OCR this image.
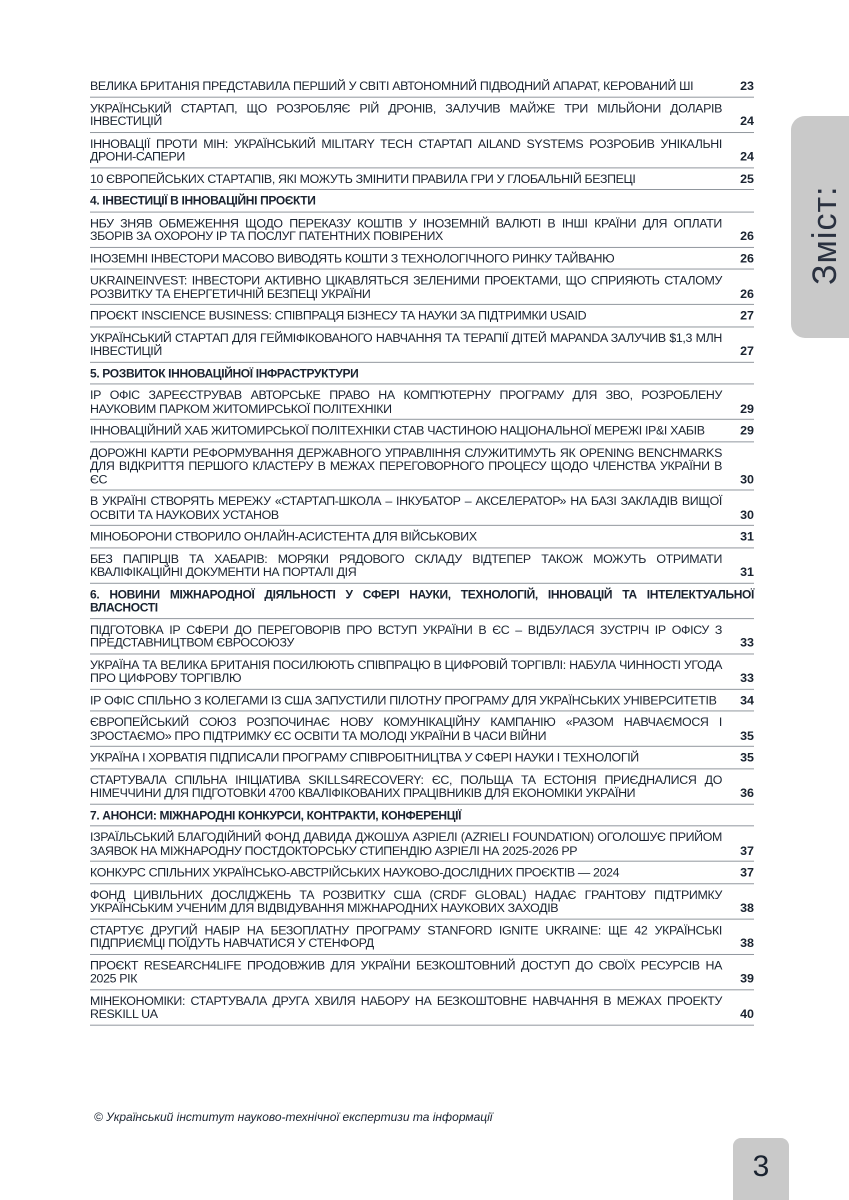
Зміст:
ВЕЛИКА БРИТАНІЯ ПРЕДСТАВИЛА ПЕРШИЙ У СВІТІ АВТОНОМНИЙ ПІДВОДНИЙ АПАРАТ, КЕРОВАНИЙ ШІ	23
УКРАЇНСЬКИЙ СТАРТАП, ЩО РОЗРОБЛЯЄ РІЙ ДРОНІВ, ЗАЛУЧИВ МАЙЖЕ ТРИ МІЛЬЙОНИ ДОЛАРІВ ІНВЕСТИЦІЙ	24
ІННОВАЦІЇ ПРОТИ МІН: УКРАЇНСЬКИЙ MILITARY TECH СТАРТАП AILAND SYSTEMS РОЗРОБИВ УНІКАЛЬНІ ДРОНИ-САПЕРИ	24
10 ЄВРОПЕЙСЬКИХ СТАРТАПІВ, ЯКІ МОЖУТЬ ЗМІНИТИ ПРАВИЛА ГРИ У ГЛОБАЛЬНІЙ БЕЗПЕЦІ	25
4. ІНВЕСТИЦІЇ В ІННОВАЦІЙНІ ПРОЄКТИ
НБУ ЗНЯВ ОБМЕЖЕННЯ ЩОДО ПЕРЕКАЗУ КОШТІВ У ІНОЗЕМНІЙ ВАЛЮТІ В ІНШІ КРАЇНИ ДЛЯ ОПЛАТИ ЗБОРІВ ЗА ОХОРОНУ ІР ТА ПОСЛУГ ПАТЕНТНИХ ПОВІРЕНИХ	26
ІНОЗЕМНІ ІНВЕСТОРИ МАСОВО ВИВОДЯТЬ КОШТИ З ТЕХНОЛОГІЧНОГО РИНКУ ТАЙВАНЮ	26
UKRAINEINVEST: ІНВЕСТОРИ АКТИВНО ЦІКАВЛЯТЬСЯ ЗЕЛЕНИМИ ПРОЕКТАМИ, ЩО СПРИЯЮТЬ СТАЛОМУ РОЗВИТКУ ТА ЕНЕРГЕТИЧНІЙ БЕЗПЕЦІ УКРАЇНИ	26
ПРОЄКТ INSCIENCE BUSINESS: СПІВПРАЦЯ БІЗНЕСУ ТА НАУКИ ЗА ПІДТРИМКИ USAID	27
УКРАЇНСЬКИЙ СТАРТАП ДЛЯ ГЕЙМІФІКОВАНОГО НАВЧАННЯ ТА ТЕРАПІЇ ДІТЕЙ MAPANDA ЗАЛУЧИВ $1,3 МЛН ІНВЕСТИЦІЙ	27
5. РОЗВИТОК ІННОВАЦІЙНОЇ ІНФРАСТРУКТУРИ
ІР ОФІС ЗАРЕЄСТРУВАВ АВТОРСЬКЕ ПРАВО НА КОМП'ЮТЕРНУ ПРОГРАМУ ДЛЯ ЗВО, РОЗРОБЛЕНУ НАУКОВИМ ПАРКОМ ЖИТОМИРСЬКОЇ ПОЛІТЕХНІКИ	29
ІННОВАЦІЙНИЙ ХАБ ЖИТОМИРСЬКОЇ ПОЛІТЕХНІКИ СТАВ ЧАСТИНОЮ НАЦІОНАЛЬНОЇ МЕРЕЖІ ІР&І ХАБІВ	29
ДОРОЖНІ КАРТИ РЕФОРМУВАННЯ ДЕРЖАВНОГО УПРАВЛІННЯ СЛУЖИТИМУТЬ ЯК OPENING BENCHMARKS ДЛЯ ВІДКРИТТЯ ПЕРШОГО КЛАСТЕРУ В МЕЖАХ ПЕРЕГОВОРНОГО ПРОЦЕСУ ЩОДО ЧЛЕНСТВА УКРАЇНИ В ЄС	30
В УКРАЇНІ СТВОРЯТЬ МЕРЕЖУ «СТАРТАП-ШКОЛА – ІНКУБАТОР – АКСЕЛЕРАТОР» НА БАЗІ ЗАКЛАДІВ ВИЩОЇ ОСВІТИ ТА НАУКОВИХ УСТАНОВ	30
МІНОБОРОНИ СТВОРИЛО ОНЛАЙН-АСИСТЕНТА ДЛЯ ВІЙСЬКОВИХ	31
БЕЗ ПАПІРЦІВ ТА ХАБАРІВ: МОРЯКИ РЯДОВОГО СКЛАДУ ВІДТЕПЕР ТАКОЖ МОЖУТЬ ОТРИМАТИ КВАЛІФІКАЦІЙНІ ДОКУМЕНТИ НА ПОРТАЛІ ДІЯ	31
6. НОВИНИ МІЖНАРОДНОЇ ДІЯЛЬНОСТІ У СФЕРІ НАУКИ, ТЕХНОЛОГІЙ, ІННОВАЦІЙ ТА ІНТЕЛЕКТУАЛЬНОЇ ВЛАСНОСТІ
ПІДГОТОВКА ІР СФЕРИ ДО ПЕРЕГОВОРІВ ПРО ВСТУП УКРАЇНИ В ЄС – ВІДБУЛАСЯ ЗУСТРІЧ ІР ОФІСУ З ПРЕДСТАВНИЦТВОМ ЄВРОСОЮЗУ	33
УКРАЇНА ТА ВЕЛИКА БРИТАНІЯ ПОСИЛЮЮТЬ СПІВПРАЦЮ В ЦИФРОВІЙ ТОРГІВЛІ: НАБУЛА ЧИННОСТІ УГОДА ПРО ЦИФРОВУ ТОРГІВЛЮ	33
ІР ОФІС СПІЛЬНО З КОЛЕГАМИ ІЗ США ЗАПУСТИЛИ ПІЛОТНУ ПРОГРАМУ ДЛЯ УКРАЇНСЬКИХ УНІВЕРСИТЕТІВ	34
ЄВРОПЕЙСЬКИЙ СОЮЗ РОЗПОЧИНАЄ НОВУ КОМУНІКАЦІЙНУ КАМПАНІЮ «РАЗОМ НАВЧАЄМОСЯ І ЗРОСТАЄМО» ПРО ПІДТРИМКУ ЄС ОСВІТИ ТА МОЛОДІ УКРАЇНИ В ЧАСИ ВІЙНИ	35
УКРАЇНА І ХОРВАТІЯ ПІДПИСАЛИ ПРОГРАМУ СПІВРОБІТНИЦТВА У СФЕРІ НАУКИ І ТЕХНОЛОГІЙ	35
СТАРТУВАЛА СПІЛЬНА ІНІЦІАТИВА SKILLS4RECOVERY: ЄС, ПОЛЬЩА ТА ЕСТОНІЯ ПРИЄДНАЛИСЯ ДО НІМЕЧЧИНИ ДЛЯ ПІДГОТОВКИ 4700 КВАЛІФІКОВАНИХ ПРАЦІВНИКІВ ДЛЯ ЕКОНОМІКИ УКРАЇНИ	36
7. АНОНСИ: МІЖНАРОДНІ КОНКУРСИ, КОНТРАКТИ, КОНФЕРЕНЦІЇ
ІЗРАЇЛЬСЬКИЙ БЛАГОДІЙНИЙ ФОНД ДАВИДА ДЖОШУА АЗРІЕЛІ (AZRIELI FOUNDATION) ОГОЛОШУЄ ПРИЙОМ ЗАЯВОК НА МІЖНАРОДНУ ПОСТДОКТОРСЬКУ СТИПЕНДІЮ АЗРІЕЛІ НА 2025-2026 РР	37
КОНКУРС СПІЛЬНИХ УКРАЇНСЬКО-АВСТРІЙСЬКИХ НАУКОВО-ДОСЛІДНИХ ПРОЄКТІВ — 2024	37
ФОНД ЦИВІЛЬНИХ ДОСЛІДЖЕНЬ ТА РОЗВИТКУ США (CRDF GLOBAL) НАДАЄ ГРАНТОВУ ПІДТРИМКУ УКРАЇНСЬКИМ УЧЕНИМ ДЛЯ ВІДВІДУВАННЯ МІЖНАРОДНИХ НАУКОВИХ ЗАХОДІВ	38
СТАРТУЄ ДРУГИЙ НАБІР НА БЕЗОПЛАТНУ ПРОГРАМУ STANFORD IGNITE UKRAINE: ЩЕ 42 УКРАЇНСЬКІ ПІДПРИЄМЦІ ПОЇДУТЬ НАВЧАТИСЯ У СТЕНФОРД	38
ПРОЄКТ RESEARCH4LIFE ПРОДОВЖИВ ДЛЯ УКРАЇНИ БЕЗКОШТОВНИЙ ДОСТУП ДО СВОЇХ РЕСУРСІВ НА 2025 РІК	39
МІНЕКОНОМІКИ: СТАРТУВАЛА ДРУГА ХВИЛЯ НАБОРУ НА БЕЗКОШТОВНЕ НАВЧАННЯ В МЕЖАХ ПРОЕКТУ RESKILL UA	40
© Український інститут науково-технічної експертизи та інформації
3
